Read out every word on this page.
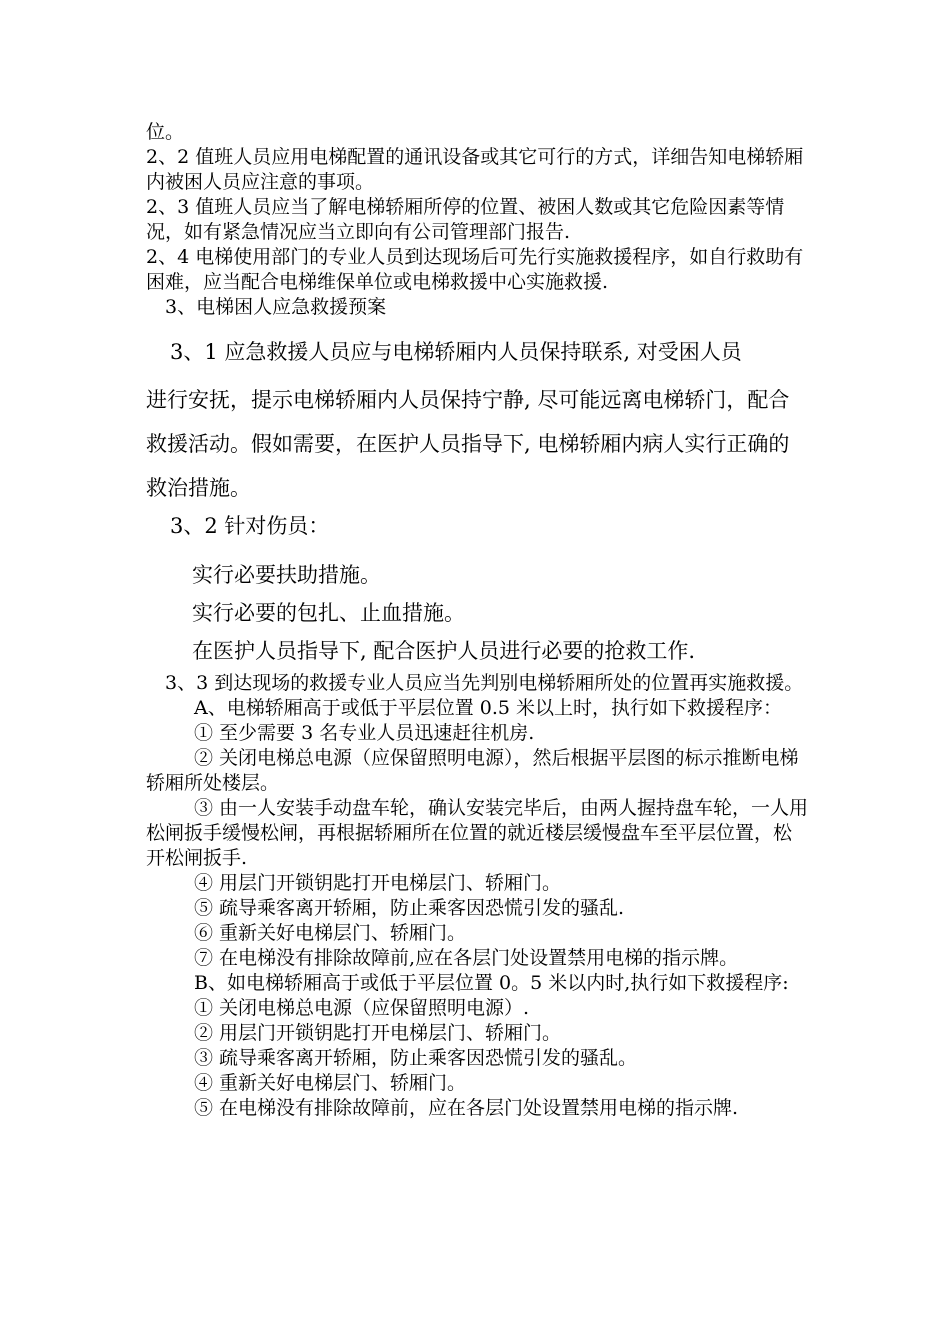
位。

2、2 值班人员应用电梯配置的通讯设备或其它可行的方式，详细告知电梯轿厢内被困人员应注意的事项。

2、3 值班人员应当了解电梯轿厢所停的位置、被困人数或其它危险因素等情况，如有紧急情况应当立即向有公司管理部门报告.

2、4 电梯使用部门的专业人员到达现场后可先行实施救援程序，如自行救助有困难，应当配合电梯维保单位或电梯救援中心实施救援.

3、电梯困人应急救援预案

3、1 应急救援人员应与电梯轿厢内人员保持联系, 对受困人员

进行安抚，提示电梯轿厢内人员保持宁静, 尽可能远离电梯轿门，配合救援活动。假如需要，在医护人员指导下, 电梯轿厢内病人实行正确的救治措施。

3、2 针对伤员：

实行必要扶助措施。

实行必要的包扎、止血措施。

在医护人员指导下, 配合医护人员进行必要的抢救工作.

3、3 到达现场的救援专业人员应当先判别电梯轿厢所处的位置再实施救援。

A、电梯轿厢高于或低于平层位置 0.5 米以上时，执行如下救援程序：

① 至少需要 3 名专业人员迅速赶往机房.

② 关闭电梯总电源（应保留照明电源），然后根据平层图的标示推断电梯轿厢所处楼层。

③ 由一人安装手动盘车轮，确认安装完毕后，由两人握持盘车轮，一人用松闸扳手缓慢松闸，再根据轿厢所在位置的就近楼层缓慢盘车至平层位置，松开松闸扳手.

④ 用层门开锁钥匙打开电梯层门、轿厢门。

⑤ 疏导乘客离开轿厢，防止乘客因恐慌引发的骚乱.

⑥ 重新关好电梯层门、轿厢门。

⑦ 在电梯没有排除故障前,应在各层门处设置禁用电梯的指示牌。

B、如电梯轿厢高于或低于平层位置 0。5 米以内时,执行如下救援程序:

① 关闭电梯总电源（应保留照明电源）.

② 用层门开锁钥匙打开电梯层门、轿厢门。

③ 疏导乘客离开轿厢，防止乘客因恐慌引发的骚乱。

④ 重新关好电梯层门、轿厢门。

⑤ 在电梯没有排除故障前，应在各层门处设置禁用电梯的指示牌.
